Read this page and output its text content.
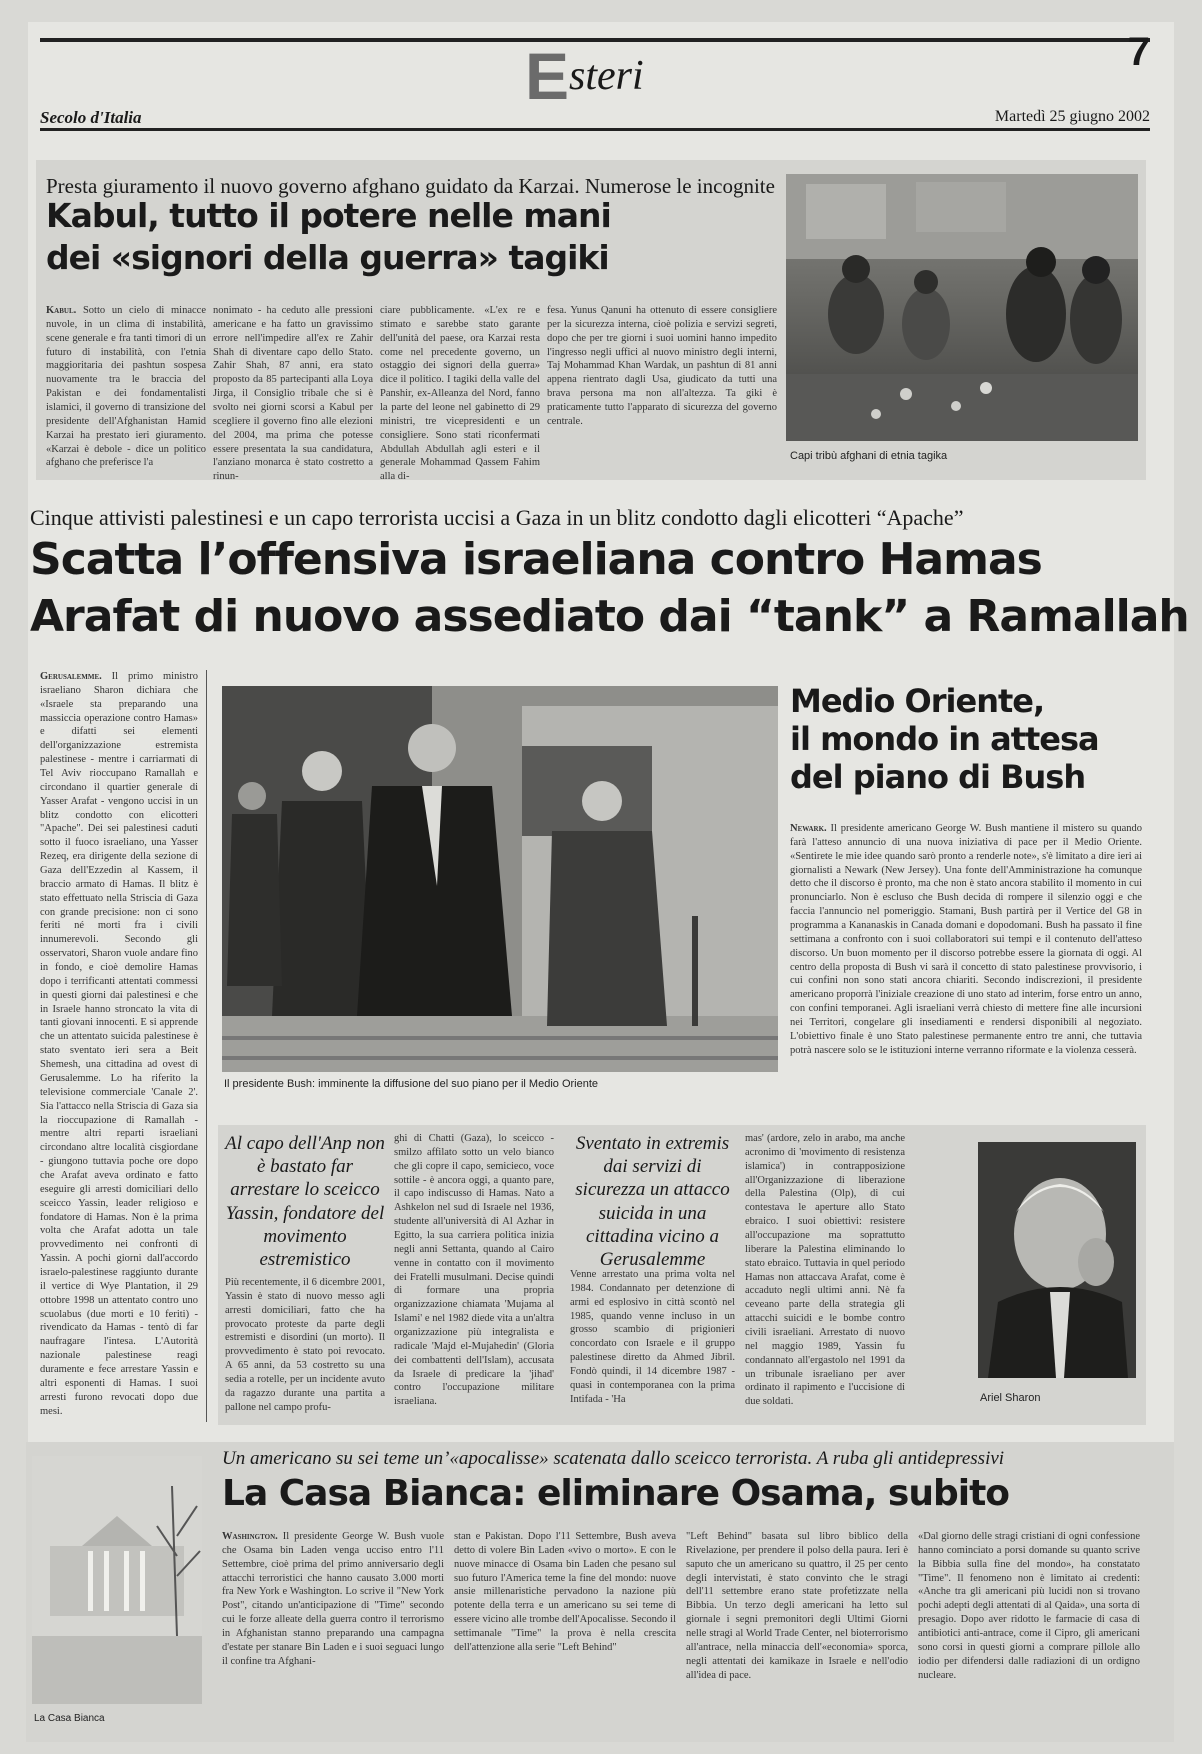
Esteri
7
Secolo d'Italia	Martedì 25 giugno 2002
Presta giuramento il nuovo governo afghano guidato da Karzai. Numerose le incognite
Kabul, tutto il potere nelle mani
dei «signori della guerra» tagiki
Kabul. Sotto un cielo di minacce nuvole, in un clima di instabilità, scene generale e fra tanti timori di un futuro di instabilità, con l'etnia maggioritaria dei pashtun sospesa nuovamente tra le braccia del Pakistan e dei fondamentalisti islamici, il governo di transizione del presidente dell'Afghanistan Hamid Karzai ha prestato ieri giuramento. «Karzai è debole - dice un politico afghano che preferisce l'a
nonimato - ha ceduto alle pressioni americane e ha fatto un gravissimo errore nell'impedire all'ex re Zahir Shah di diventare capo dello Stato. Zahir Shah, 87 anni, era stato proposto da 85 partecipanti alla Loya Jirga, il Consiglio tribale che si è svolto nei giorni scorsi a Kabul per scegliere il governo fino alle elezioni del 2004, ma prima che potesse essere presentata la sua candidatura, l'anziano monarca è stato costretto a rinun-
ciare pubblicamente. «L'ex re e stimato e sarebbe stato garante dell'unità del paese, ora Karzai resta come nel precedente governo, un ostaggio dei signori della guerra» dice il politico. I tagiki della valle del Panshir, ex-Alleanza del Nord, fanno la parte del leone nel gabinetto di 29 ministri, tre vicepresidenti e un consigliere. Sono stati riconfermati Abdullah Abdullah agli esteri e il generale Mohammad Qassem Fahim alla di-
fesa. Yunus Qanuni ha ottenuto di essere consigliere per la sicurezza interna, cioè polizia e servizi segreti, dopo che per tre giorni i suoi uomini hanno impedito l'ingresso negli uffici al nuovo ministro degli interni, Taj Mohammad Khan Wardak, un pashtun di 81 anni appena rientrato dagli Usa, giudicato da tutti una brava persona ma non all'altezza. Ta giki è praticamente tutto l'apparato di sicurezza del governo centrale.
Capi tribù afghani di etnia tagika
Cinque attivisti palestinesi e un capo terrorista uccisi a Gaza in un blitz condotto dagli elicotteri “Apache”
Scatta l’offensiva israeliana contro Hamas
Arafat di nuovo assediato dai “tank” a Ramallah
Gerusalemme. Il primo ministro israeliano Sharon dichiara che «Israele sta preparando una massiccia operazione contro Hamas» e difatti sei elementi dell'organizzazione estremista palestinese - mentre i carriarmati di Tel Aviv rioccupano Ramallah e circondano il quartier generale di Yasser Arafat - vengono uccisi in un blitz condotto con elicotteri "Apache". Dei sei palestinesi caduti sotto il fuoco israeliano, una Yasser Rezeq, era dirigente della sezione di Gaza dell'Ezzedin al Kassem, il braccio armato di Hamas. Il blitz è stato effettuato nella Striscia di Gaza con grande precisione: non ci sono feriti né morti fra i civili innumerevoli. Secondo gli osservatori, Sharon vuole andare fino in fondo, e cioè demolire Hamas dopo i terrificanti attentati commessi in questi giorni dai palestinesi e che in Israele hanno stroncato la vita di tanti giovani innocenti. E si apprende che un attentato suicida palestinese è stato sventato ieri sera a Beit Shemesh, una cittadina ad ovest di Gerusalemme. Lo ha riferito la televisione commerciale 'Canale 2'. Sia l'attacco nella Striscia di Gaza sia la rioccupazione di Ramallah - mentre altri reparti israeliani circondano altre località cisgiordane - giungono tuttavia poche ore dopo che Arafat aveva ordinato e fatto eseguire gli arresti domiciliari dello sceicco Yassin, leader religioso e fondatore di Hamas. Non è la prima volta che Arafat adotta un tale provvedimento nei confronti di Yassin. A pochi giorni dall'accordo israelo-palestinese raggiunto durante il vertice di Wye Plantation, il 29 ottobre 1998 un attentato contro uno scuolabus (due morti e 10 feriti) - rivendicato da Hamas - tentò di far naufragare l'intesa. L'Autorità nazionale palestinese reagì duramente e fece arrestare Yassin e altri esponenti di Hamas. I suoi arresti furono revocati dopo due mesi.
Il presidente Bush: imminente la diffusione del suo piano per il Medio Oriente
Medio Oriente,
il mondo in attesa
del piano di Bush
Newark. Il presidente americano George W. Bush mantiene il mistero su quando farà l'atteso annuncio di una nuova iniziativa di pace per il Medio Oriente. «Sentirete le mie idee quando sarò pronto a renderle note», s'è limitato a dire ieri ai giornalisti a Newark (New Jersey). Una fonte dell'Amministrazione ha comunque detto che il discorso è pronto, ma che non è stato ancora stabilito il momento in cui pronunciarlo. Non è escluso che Bush decida di rompere il silenzio oggi e che faccia l'annuncio nel pomeriggio. Stamani, Bush partirà per il Vertice del G8 in programma a Kananaskis in Canada domani e dopodomani. Bush ha passato il fine settimana a confronto con i suoi collaboratori sui tempi e il contenuto dell'atteso discorso. Un buon momento per il discorso potrebbe essere la giornata di oggi. Al centro della proposta di Bush vi sarà il concetto di stato palestinese provvisorio, i cui confini non sono stati ancora chiariti. Secondo indiscrezioni, il presidente americano proporrà l'iniziale creazione di uno stato ad interim, forse entro un anno, con confini temporanei. Agli israeliani verrà chiesto di mettere fine alle incursioni nei Territori, congelare gli insediamenti e rendersi disponibili al negoziato. L'obiettivo finale è uno Stato palestinese permanente entro tre anni, che tuttavia potrà nascere solo se le istituzioni interne verranno riformate e la violenza cesserà.
Al capo dell'Anp non è bastato far arrestare lo sceicco Yassin, fondatore del movimento estremistico
Più recentemente, il 6 dicembre 2001, Yassin è stato di nuovo messo agli arresti domiciliari, fatto che ha provocato proteste da parte degli estremisti e disordini (un morto). Il provvedimento è stato poi revocato. A 65 anni, da 53 costretto su una sedia a rotelle, per un incidente avuto da ragazzo durante una partita a pallone nel campo profu-
ghi di Chatti (Gaza), lo sceicco - smilzo affilato sotto un velo bianco che gli copre il capo, semicieco, voce sottile - è ancora oggi, a quanto pare, il capo indiscusso di Hamas. Nato a Ashkelon nel sud di Israele nel 1936, studente all'università di Al Azhar in Egitto, la sua carriera politica inizia negli anni Settanta, quando al Cairo venne in contatto con il movimento dei Fratelli musulmani. Decise quindi di formare una propria organizzazione chiamata 'Mujama al Islami' e nel 1982 diede vita a un'altra organizzazione più integralista e radicale 'Majd el-Mujahedin' (Gloria dei combattenti dell'Islam), accusata da Israele di predicare la 'jihad' contro l'occupazione militare israeliana.
Sventato in extremis dai servizi di sicurezza un attacco suicida in una cittadina vicino a Gerusalemme
Venne arrestato una prima volta nel 1984. Condannato per detenzione di armi ed esplosivo in città scontò nel 1985, quando venne incluso in un grosso scambio di prigionieri concordato con Israele e il gruppo palestinese diretto da Ahmed Jibril. Fondò quindi, il 14 dicembre 1987 - quasi in contemporanea con la prima Intifada - 'Ha
mas' (ardore, zelo in arabo, ma anche acronimo di 'movimento di resistenza islamica') in contrapposizione all'Organizzazione di liberazione della Palestina (Olp), di cui contestava le aperture allo Stato ebraico. I suoi obiettivi: resistere all'occupazione ma soprattutto liberare la Palestina eliminando lo stato ebraico. Tuttavia in quel periodo Hamas non attaccava Arafat, come è accaduto negli ultimi anni. Nè fa ceveano parte della strategia gli attacchi suicidi e le bombe contro civili israeliani. Arrestato di nuovo nel maggio 1989, Yassin fu condannato all'ergastolo nel 1991 da un tribunale israeliano per aver ordinato il rapimento e l'uccisione di due soldati.	Ariel Sharon
La Casa Bianca
Un americano su sei teme un’«apocalisse» scatenata dallo sceicco terrorista. A ruba gli antidepressivi
La Casa Bianca: eliminare Osama, subito
Washington. Il presidente George W. Bush vuole che Osama bin Laden venga ucciso entro l'11 Settembre, cioè prima del primo anniversario degli attacchi terroristici che hanno causato 3.000 morti fra New York e Washington. Lo scrive il "New York Post", citando un'anticipazione di "Time" secondo cui le forze alleate della guerra contro il terrorismo in Afghanistan stanno preparando una campagna d'estate per stanare Bin Laden e i suoi seguaci lungo il confine tra Afghani-
stan e Pakistan. Dopo l'11 Settembre, Bush aveva detto di volere Bin Laden «vivo o morto». E con le nuove minacce di Osama bin Laden che pesano sul suo futuro l'America teme la fine del mondo: nuove ansie millenaristiche pervadono la nazione più potente della terra e un americano su sei teme di essere vicino alle trombe dell'Apocalisse. Secondo il settimanale "Time" la prova è nella crescita dell'attenzione alla serie "Left Behind"
"Left Behind" basata sul libro biblico della Rivelazione, per prendere il polso della paura. Ieri è saputo che un americano su quattro, il 25 per cento degli intervistati, è stato convinto che le stragi dell'11 settembre erano state profetizzate nella Bibbia. Un terzo degli americani ha letto sul giornale i segni premonitori degli Ultimi Giorni nelle stragi al World Trade Center, nel bioterrorismo all'antrace, nella minaccia dell'«economia» sporca, negli attentati dei kamikaze in Israele e nell'odio all'idea di pace.
«Dal giorno delle stragi cristiani di ogni confessione hanno cominciato a porsi domande su quanto scrive la Bibbia sulla fine del mondo», ha constatato "Time". Il fenomeno non è limitato ai credenti: «Anche tra gli americani più lucidi non si trovano pochi adepti degli attentati di al Qaida», una sorta di presagio. Dopo aver ridotto le farmacie di casa di antibiotici anti-antrace, come il Cipro, gli americani sono corsi in questi giorni a comprare pillole allo iodio per difendersi dalle radiazioni di un ordigno nucleare.
